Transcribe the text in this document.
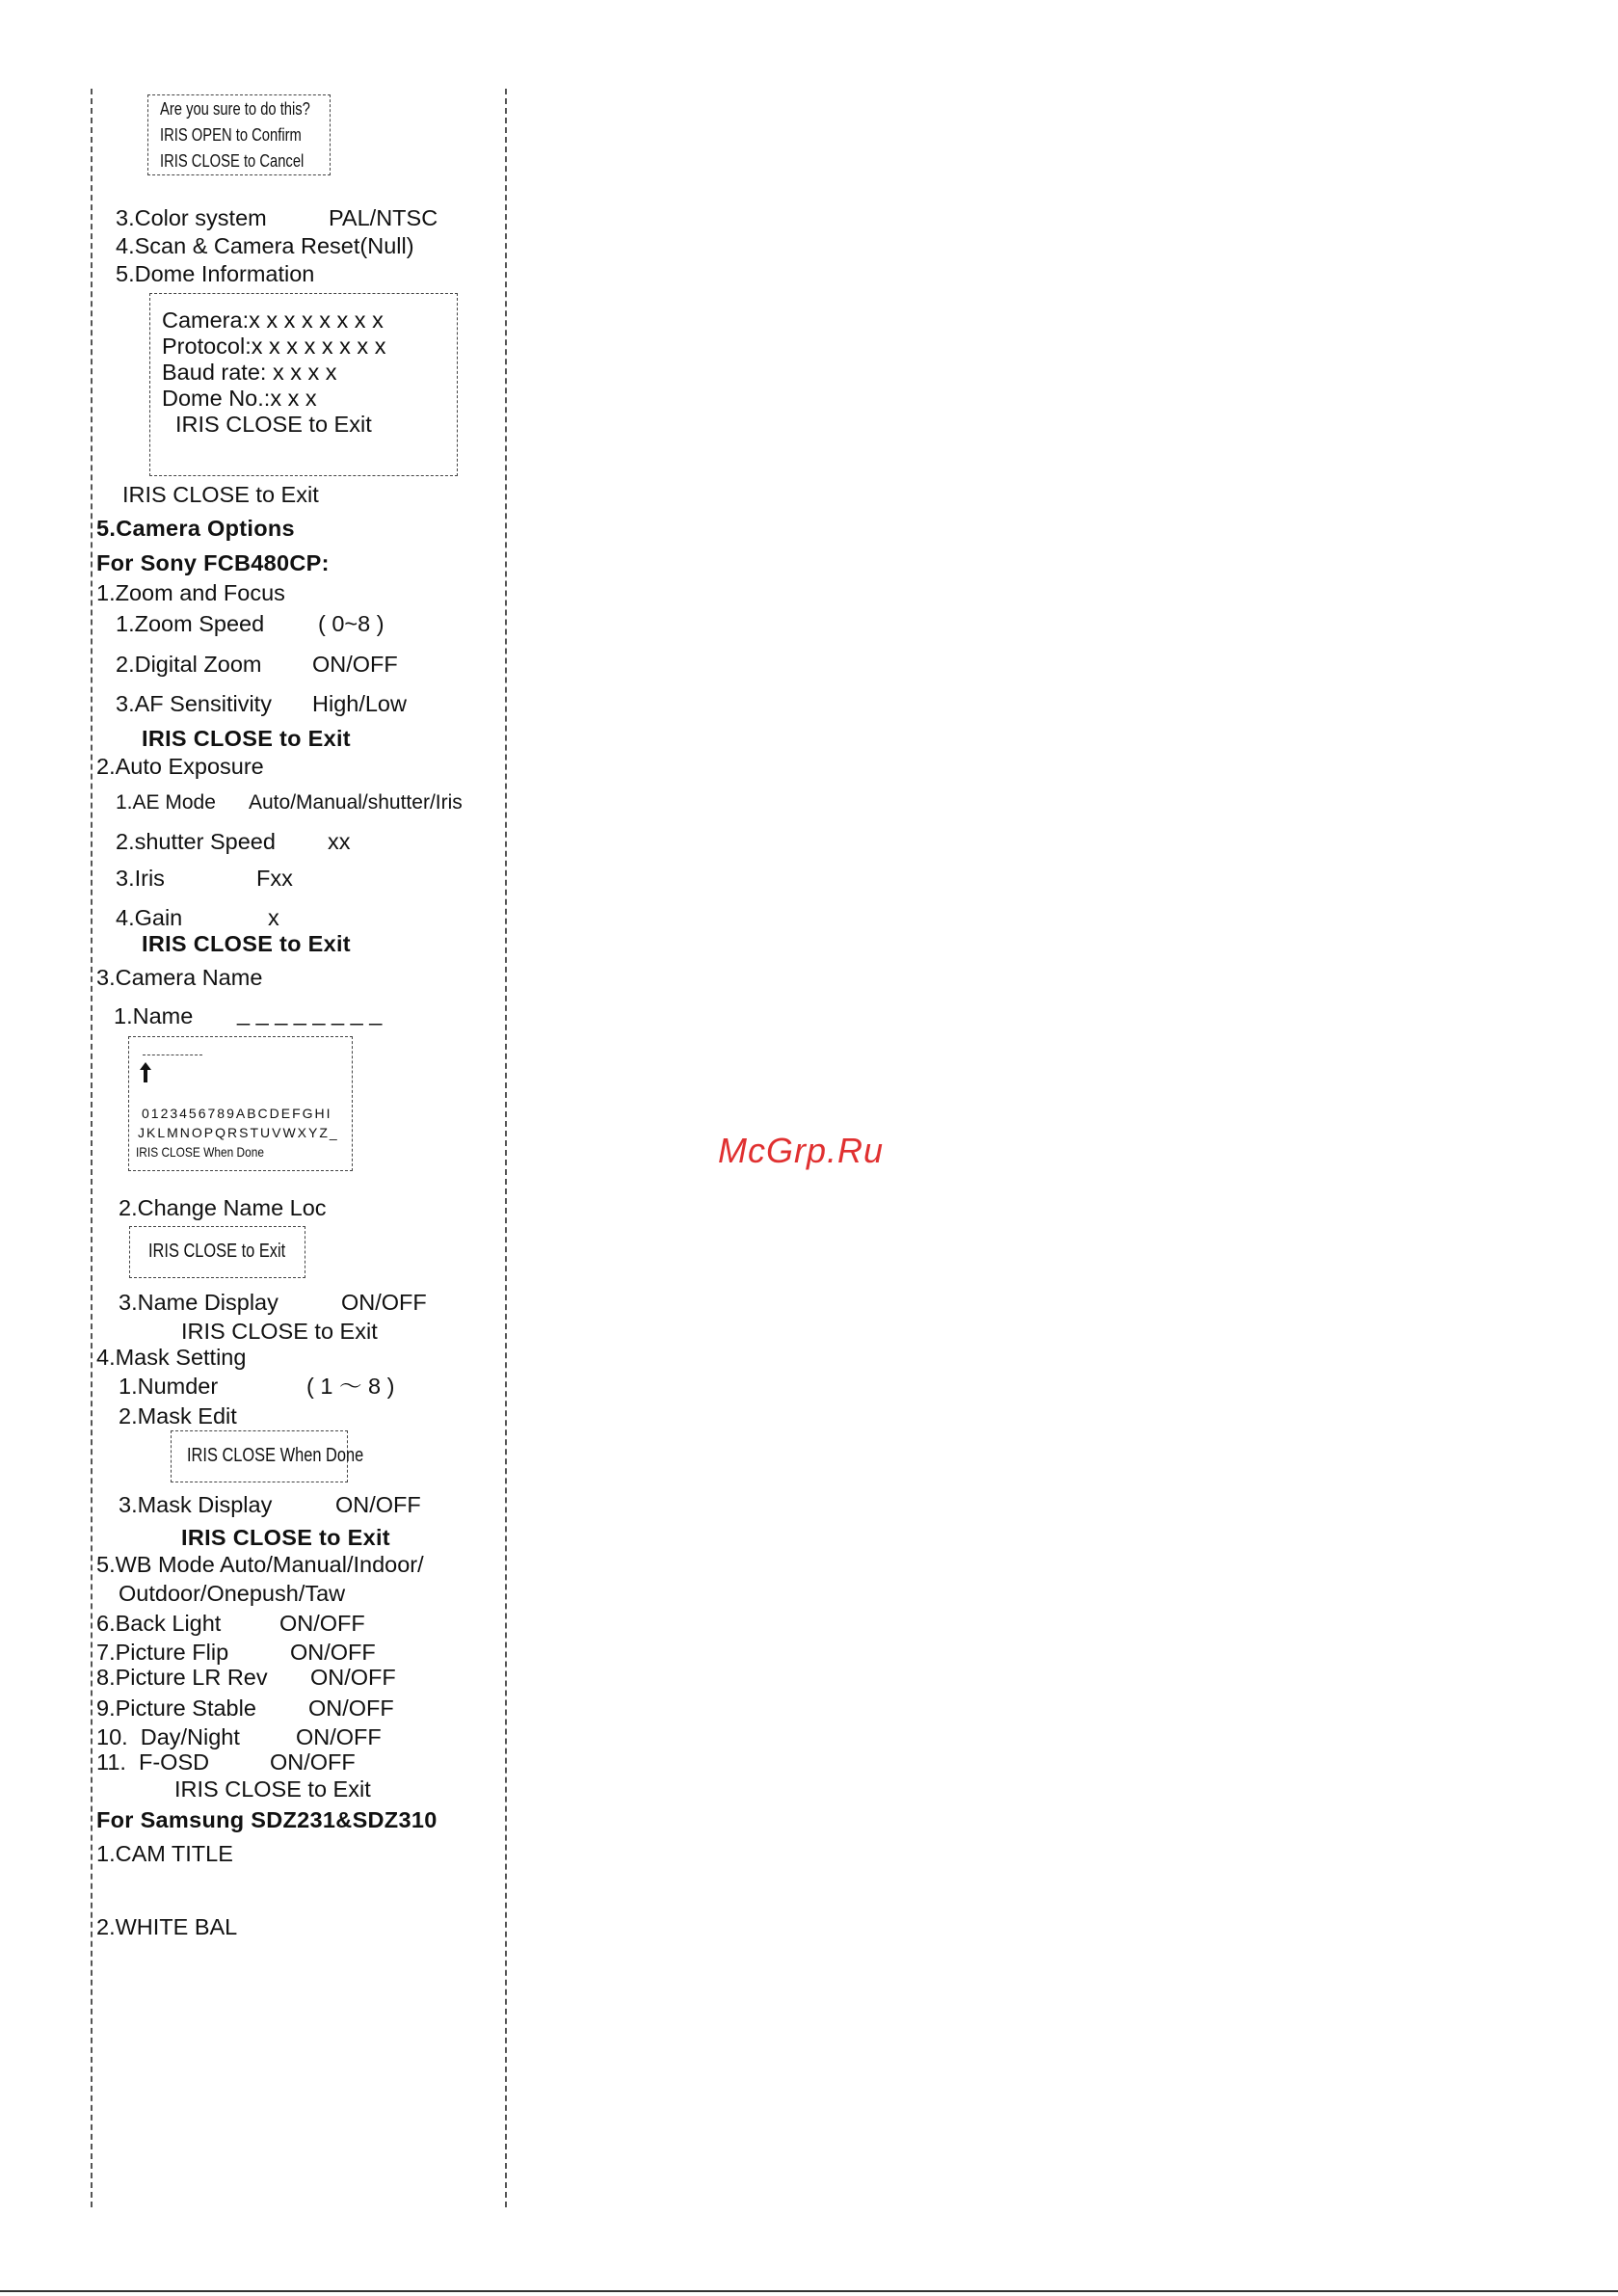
Are you sure to do this?
IRIS OPEN to Confirm
IRIS CLOSE to Cancel
3.Color system	PAL/NTSC
4.Scan & Camera Reset(Null)
5.Dome Information
Camera:x x x x x x x x
Protocol:x x x x x x x x
Baud rate: x x x x
Dome No.:x x x
IRIS CLOSE to Exit
IRIS CLOSE to Exit
5.Camera Options
For Sony FCB480CP:
1.Zoom and Focus
1.Zoom Speed ( 0~8 )
2.Digital Zoom ON/OFF
3.AF Sensitivity High/Low
IRIS CLOSE to Exit
2.Auto Exposure
1.AE Mode Auto/Manual/shutter/Iris
2.shutter Speed xx
3.Iris	Fxx
4.Gain	x
IRIS CLOSE to Exit
3.Camera Name
1.Name _ _ _ _ _ _ _ _
0123456789ABCDEFGHI
JKLMNOPQRSTUVWXYZ_
IRIS CLOSE When Done
2.Change Name Loc
IRIS CLOSE to Exit
3.Name Display	ON/OFF
IRIS CLOSE to Exit
4.Mask Setting
1.Numder	( 1 ～ 8 )
2.Mask Edit
IRIS CLOSE When Done
3.Mask Display	ON/OFF
IRIS CLOSE to Exit
5.WB Mode Auto/Manual/Indoor/
Outdoor/Onepush/Taw
6.Back Light	ON/OFF
7.Picture Flip	ON/OFF
8.Picture LR Rev ON/OFF
9.Picture Stable ON/OFF
10.  Day/Night ON/OFF
11.  F-OSD	ON/OFF
IRIS CLOSE to Exit
For Samsung SDZ231&SDZ310
1.CAM TITLE
2.WHITE BAL
McGrp.Ru
